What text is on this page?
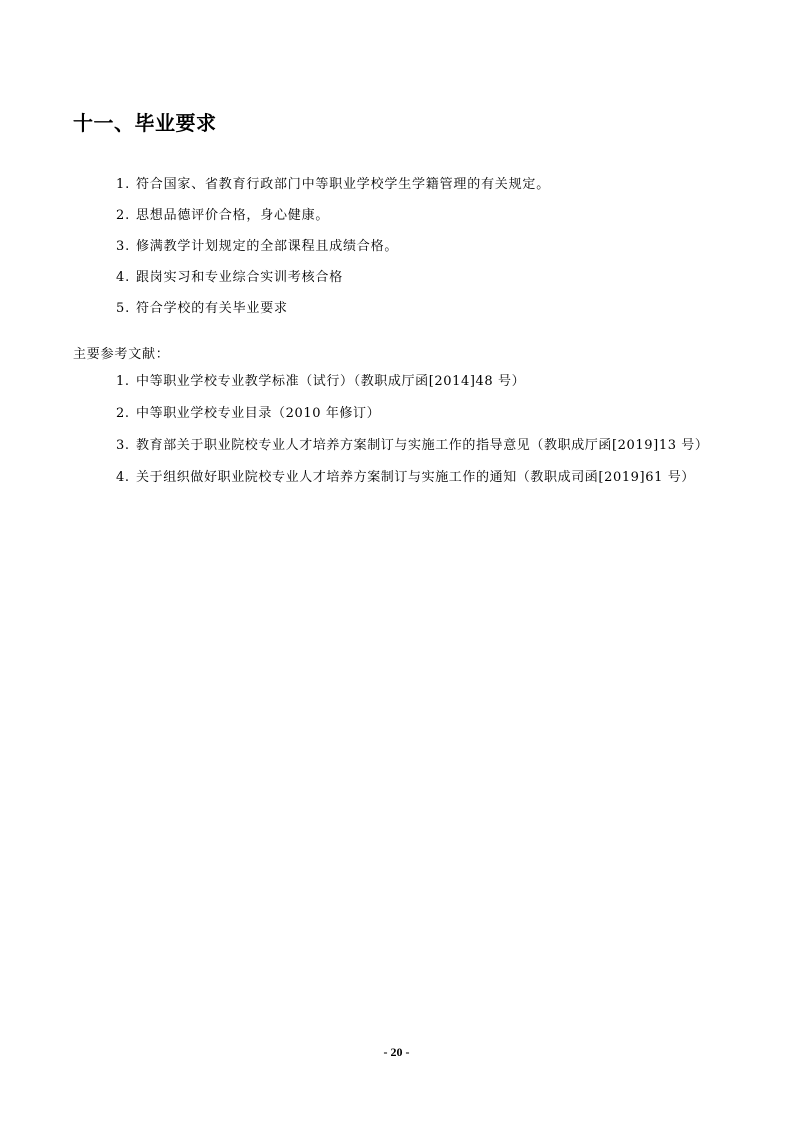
十一、毕业要求
1. 符合国家、省教育行政部门中等职业学校学生学籍管理的有关规定。
2. 思想品德评价合格，身心健康。
3. 修满教学计划规定的全部课程且成绩合格。
4. 跟岗实习和专业综合实训考核合格
5. 符合学校的有关毕业要求
主要参考文献：
1. 中等职业学校专业教学标准（试行）（教职成厅函[2014]48 号）
2. 中等职业学校专业目录（2010 年修订）
3. 教育部关于职业院校专业人才培养方案制订与实施工作的指导意见（教职成厅函[2019]13 号）
4. 关于组织做好职业院校专业人才培养方案制订与实施工作的通知（教职成司函[2019]61 号）
- 20 -
